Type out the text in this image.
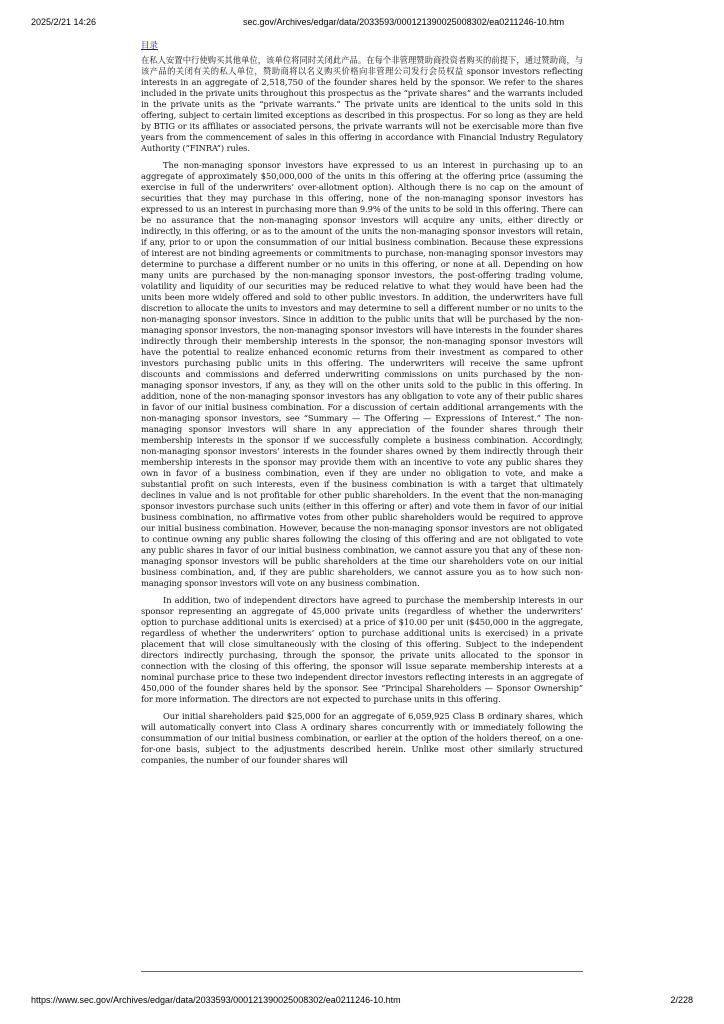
2025/2/21 14:26	sec.gov/Archives/edgar/data/2033593/000121390025008302/ea0211246-10.htm
目录

在私人安置中行使购买其他单位，该单位将同时关闭此产品。在每个非管理赞助商投资者购买的前提下，通过赞助商，与该产品的关闭有关的私人单位，赞助商将以名义购买价格向非管理公司发行会员权益 sponsor investors reflecting interests in an aggregate of 2,518,750 of the founder shares held by the sponsor. We refer to the shares included in the private units throughout this prospectus as the “private shares” and the warrants included in the private units as the “private warrants.” The private units are identical to the units sold in this offering, subject to certain limited exceptions as described in this prospectus. For so long as they are held by BTIG or its affiliates or associated persons, the private warrants will not be exercisable more than five years from the commencement of sales in this offering in accordance with Financial Industry Regulatory Authority (“FINRA”) rules.

The non-managing sponsor investors have expressed to us an interest in purchasing up to an aggregate of approximately $50,000,000 of the units in this offering at the offering price (assuming the exercise in full of the underwriters’ over-allotment option). Although there is no cap on the amount of securities that they may purchase in this offering, none of the non-managing sponsor investors has expressed to us an interest in purchasing more than 9.9% of the units to be sold in this offering. There can be no assurance that the non-managing sponsor investors will acquire any units, either directly or indirectly, in this offering, or as to the amount of the units the non-managing sponsor investors will retain, if any, prior to or upon the consummation of our initial business combination. Because these expressions of interest are not binding agreements or commitments to purchase, non-managing sponsor investors may determine to purchase a different number or no units in this offering, or none at all. Depending on how many units are purchased by the non-managing sponsor investors, the post-offering trading volume, volatility and liquidity of our securities may be reduced relative to what they would have been had the units been more widely offered and sold to other public investors. In addition, the underwriters have full discretion to allocate the units to investors and may determine to sell a different number or no units to the non-managing sponsor investors. Since in addition to the public units that will be purchased by the non-managing sponsor investors, the non-managing sponsor investors will have interests in the founder shares indirectly through their membership interests in the sponsor, the non-managing sponsor investors will have the potential to realize enhanced economic returns from their investment as compared to other investors purchasing public units in this offering. The underwriters will receive the same upfront discounts and commissions and deferred underwriting commissions on units purchased by the non-managing sponsor investors, if any, as they will on the other units sold to the public in this offering. In addition, none of the non-managing sponsor investors has any obligation to vote any of their public shares in favor of our initial business combination. For a discussion of certain additional arrangements with the non-managing sponsor investors, see “Summary — The Offering — Expressions of Interest.” The non-managing sponsor investors will share in any appreciation of the founder shares through their membership interests in the sponsor if we successfully complete a business combination. Accordingly, non-managing sponsor investors’ interests in the founder shares owned by them indirectly through their membership interests in the sponsor may provide them with an incentive to vote any public shares they own in favor of a business combination, even if they are under no obligation to vote, and make a substantial profit on such interests, even if the business combination is with a target that ultimately declines in value and is not profitable for other public shareholders. In the event that the non-managing sponsor investors purchase such units (either in this offering or after) and vote them in favor of our initial business combination, no affirmative votes from other public shareholders would be required to approve our initial business combination. However, because the non-managing sponsor investors are not obligated to continue owning any public shares following the closing of this offering and are not obligated to vote any public shares in favor of our initial business combination, we cannot assure you that any of these non-managing sponsor investors will be public shareholders at the time our shareholders vote on our initial business combination, and, if they are public shareholders, we cannot assure you as to how such non-managing sponsor investors will vote on any business combination.

In addition, two of independent directors have agreed to purchase the membership interests in our sponsor representing an aggregate of 45,000 private units (regardless of whether the underwriters’ option to purchase additional units is exercised) at a price of $10.00 per unit ($450,000 in the aggregate, regardless of whether the underwriters’ option to purchase additional units is exercised) in a private placement that will close simultaneously with the closing of this offering. Subject to the independent directors indirectly purchasing, through the sponsor, the private units allocated to the sponsor in connection with the closing of this offering, the sponsor will issue separate membership interests at a nominal purchase price to these two independent director investors reflecting interests in an aggregate of 450,000 of the founder shares held by the sponsor. See “Principal Shareholders — Sponsor Ownership” for more information. The directors are not expected to purchase units in this offering.

Our initial shareholders paid $25,000 for an aggregate of 6,059,925 Class B ordinary shares, which will automatically convert into Class A ordinary shares concurrently with or immediately following the consummation of our initial business combination, or earlier at the option of the holders thereof, on a one-for-one basis, subject to the adjustments described herein. Unlike most other similarly structured companies, the number of our founder shares will

https://www.sec.gov/Archives/edgar/data/2033593/000121390025008302/ea0211246-10.htm	2/228
